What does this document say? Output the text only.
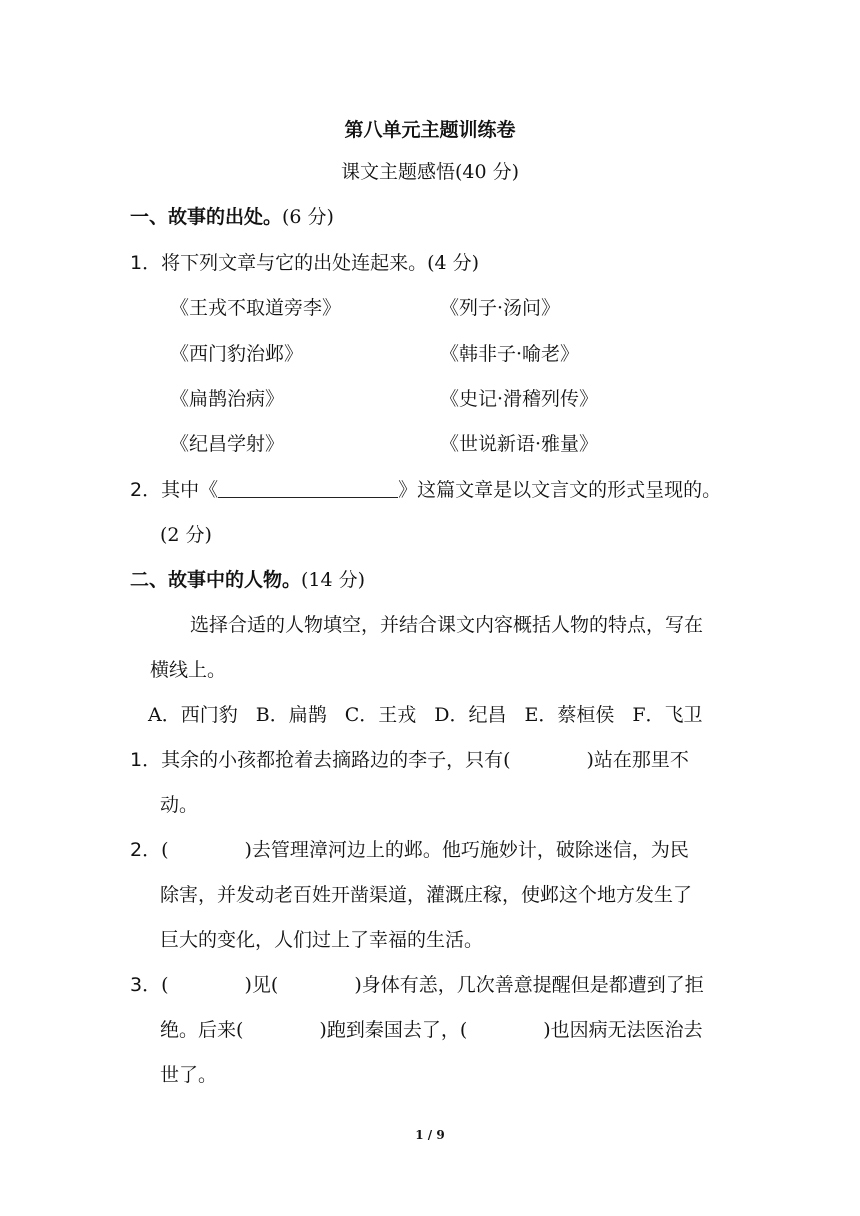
第八单元主题训练卷
课文主题感悟(40 分)
一、故事的出处。(6 分)
1．将下列文章与它的出处连起来。(4 分)
《王戎不取道旁李》	《列子·汤问》
《西门豹治邺》	《韩非子·喻老》
《扁鹊治病》	《史记·滑稽列传》
《纪昌学射》	《世说新语·雅量》
2．其中《	》这篇文章是以文言文的形式呈现的。
(2 分)
二、故事中的人物。(14 分)
选择合适的人物填空，并结合课文内容概括人物的特点，写在
横线上。
A．西门豹 B．扁鹊 C．王戎 D．纪昌 E．蔡桓侯 F．飞卫
1．其余的小孩都抢着去摘路边的李子，只有(　　　　)站在那里不
动。
2．(　　　　)去管理漳河边上的邺。他巧施妙计，破除迷信，为民
除害，并发动老百姓开凿渠道，灌溉庄稼，使邺这个地方发生了
巨大的变化，人们过上了幸福的生活。
3．(　　　　)见(　　　　)身体有恙，几次善意提醒但是都遭到了拒
绝。后来(　　　　)跑到秦国去了，(　　　　)也因病无法医治去
世了。
1 / 9
